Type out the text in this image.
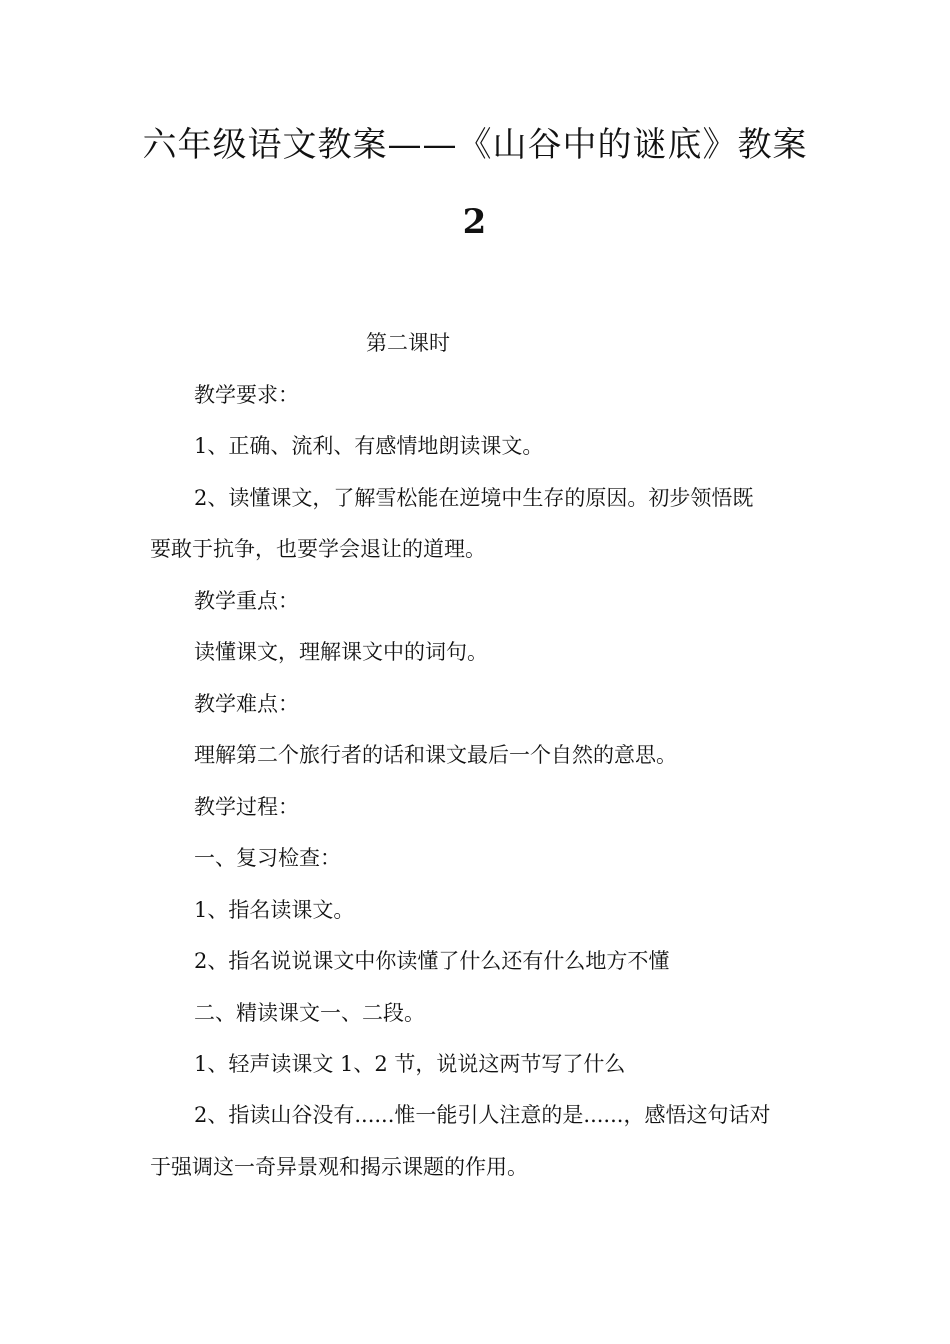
六年级语文教案——《山谷中的谜底》教案
2

第二课时

教学要求：

1、正确、流利、有感情地朗读课文。

2、读懂课文，了解雪松能在逆境中生存的原因。初步领悟既

要敢于抗争，也要学会退让的道理。

教学重点：

读懂课文，理解课文中的词句。

教学难点：

理解第二个旅行者的话和课文最后一个自然的意思。

教学过程：

一、复习检查：

1、指名读课文。

2、指名说说课文中你读懂了什么还有什么地方不懂

二、精读课文一、二段。

1、轻声读课文 1、2 节，说说这两节写了什么

2、指读山谷没有......惟一能引人注意的是......，感悟这句话对

于强调这一奇异景观和揭示课题的作用。
